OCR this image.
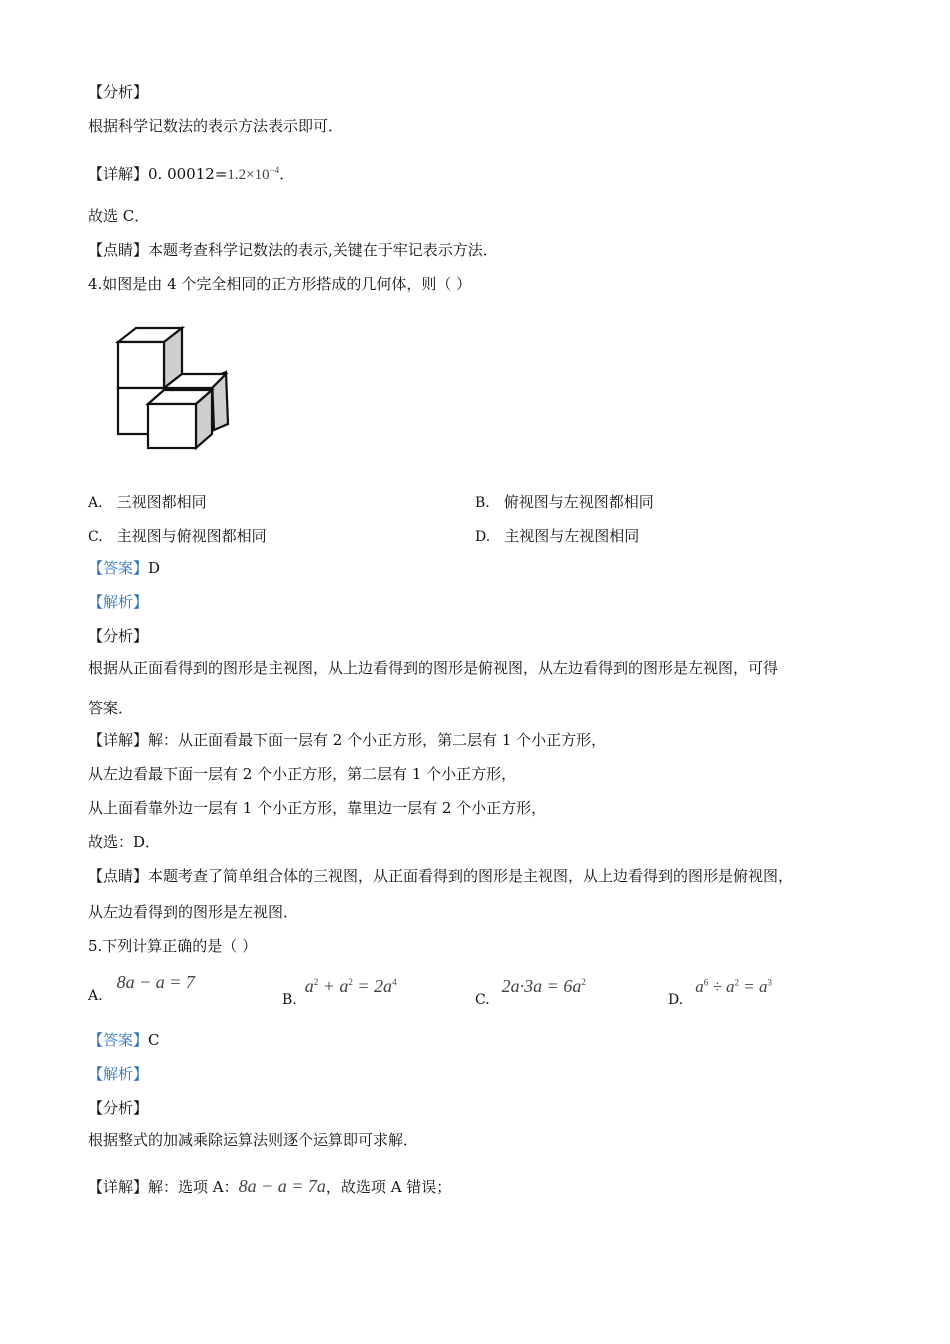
【分析】
根据科学记数法的表示方法表示即可．
【详解】0. $00012=1.2\times 10^{-4}$．
故选 C．
【点睛】本题考查科学记数法的表示,关键在于牢记表示方法．
4.如图是由 4 个完全相同的正方形搭成的几何体，则（ ）
A. 三视图都相同	B. 俯视图与左视图都相同
C. 主视图与俯视图都相同	D. 主视图与左视图相同
【答案】D
【解析】
【分析】
根据从正面看得到的图形是主视图，从上边看得到的图形是俯视图，从左边看得到的图形是左视图，可得
答案．
【详解】解：从正面看最下面一层有 2 个小正方形，第二层有 1 个小正方形，
从左边看最下面一层有 2 个小正方形，第二层有 1 个小正方形，
从上面看靠外边一层有 1 个小正方形，靠里边一层有 2 个小正方形，
故选：D．
【点睛】本题考查了简单组合体的三视图，从正面看得到的图形是主视图，从上边看得到的图形是俯视图，
从左边看得到的图形是左视图．
5.下列计算正确的是（ ）
A.8a − a = 7
$B.a^2 + a^2 = 2a^4$
$C.2a\cdot 3a = 6a^2$
$D.a^6 \div a^2 = a^3$
【答案】C
【解析】
【分析】
根据整式的加减乘除运算法则逐个运算即可求解．
【详解】解：选项 A：8a − a = 7a，故选项 A 错误；
